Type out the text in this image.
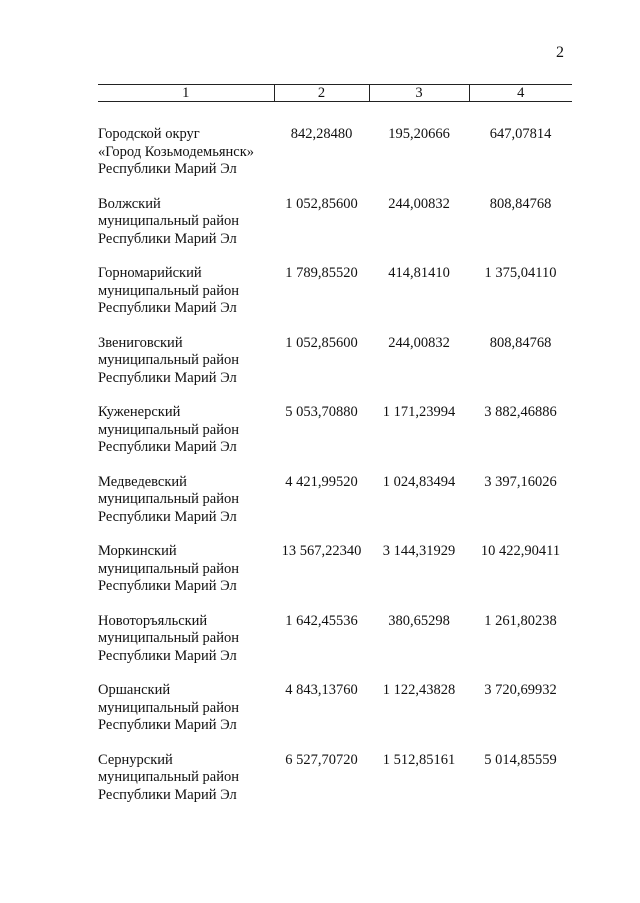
2
1	2	3	4

Городской округ
«Город Козьмодемьянск»
Республики Марий Эл	842,28480	195,20666	647,07814

Волжский
муниципальный район
Республики Марий Эл	1 052,85600	244,00832	808,84768

Горномарийский
муниципальный район
Республики Марий Эл	1 789,85520	414,81410	1 375,04110

Звениговский
муниципальный район
Республики Марий Эл	1 052,85600	244,00832	808,84768

Куженерский
муниципальный район
Республики Марий Эл	5 053,70880	1 171,23994	3 882,46886

Медведевский
муниципальный район
Республики Марий Эл	4 421,99520	1 024,83494	3 397,16026

Моркинский
муниципальный район
Республики Марий Эл	13 567,22340	3 144,31929	10 422,90411

Новоторъяльский
муниципальный район
Республики Марий Эл	1 642,45536	380,65298	1 261,80238

Оршанский
муниципальный район
Республики Марий Эл	4 843,13760	1 122,43828	3 720,69932

Сернурский
муниципальный район
Республики Марий Эл	6 527,70720	1 512,85161	5 014,85559
